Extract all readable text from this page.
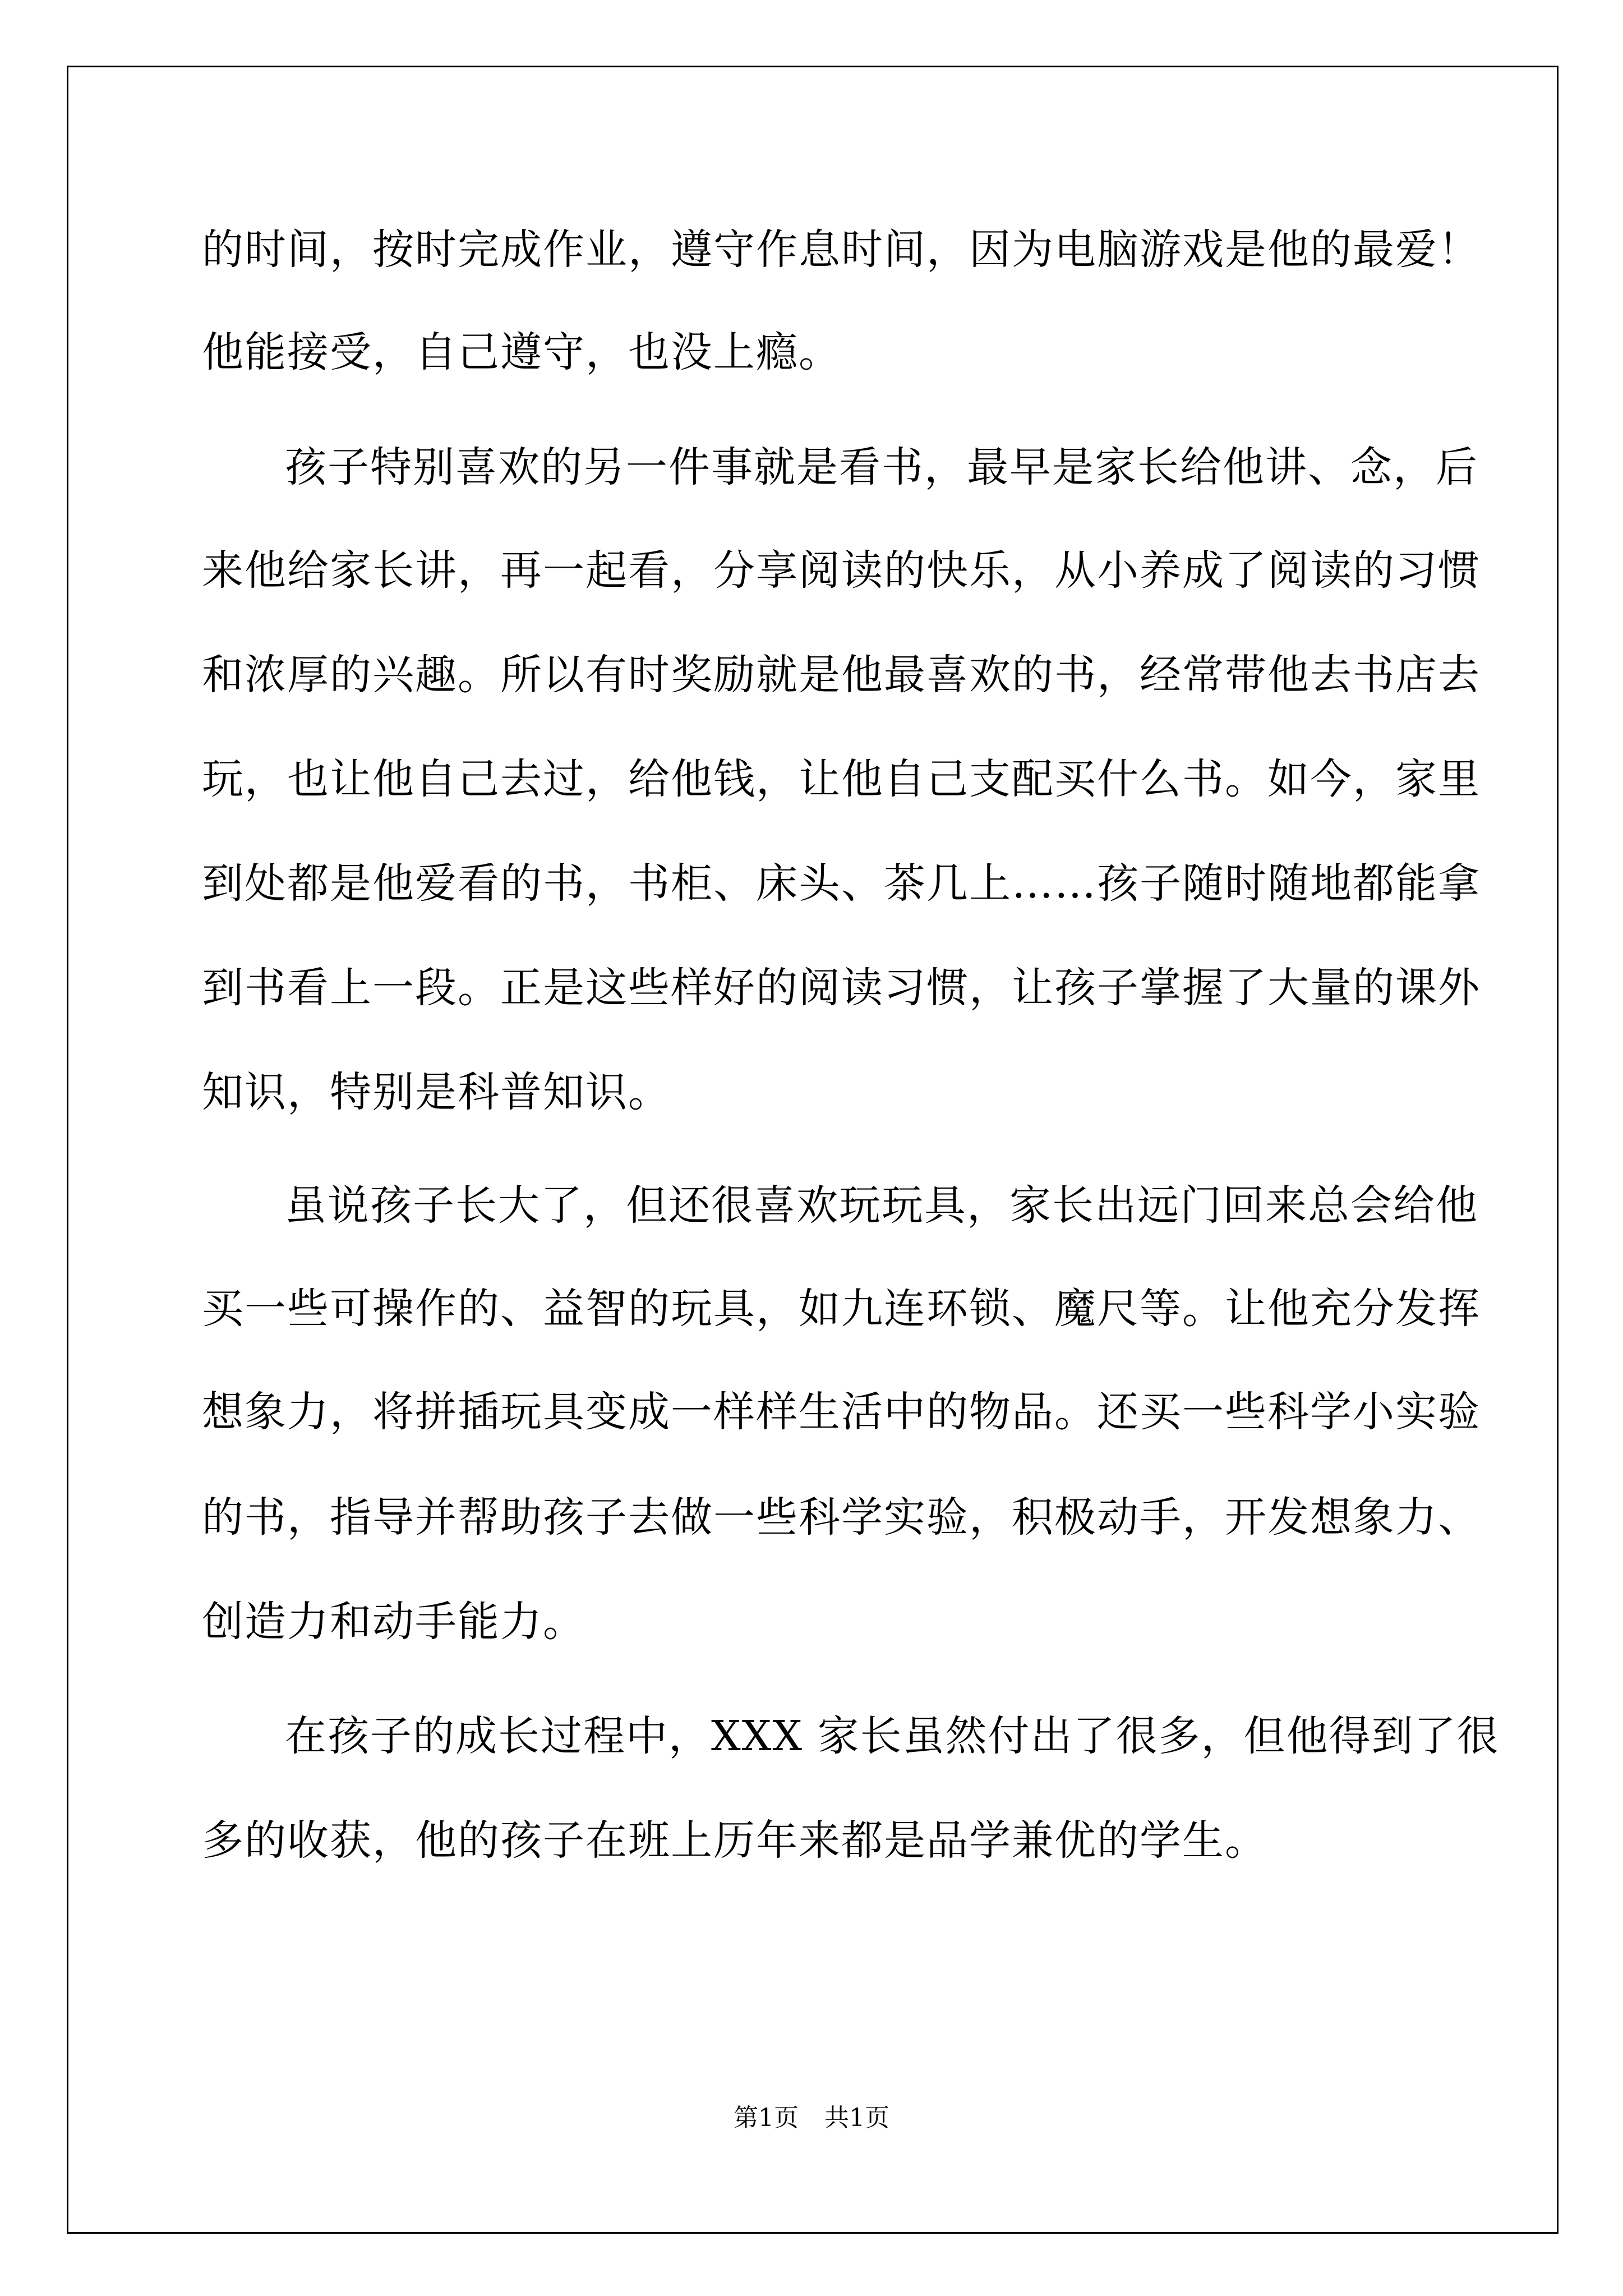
的时间，按时完成作业，遵守作息时间，因为电脑游戏是他的最爱！
他能接受，自己遵守，也没上瘾。
孩子特别喜欢的另一件事就是看书，最早是家长给他讲、念，后
来他给家长讲，再一起看，分享阅读的快乐，从小养成了阅读的习惯
和浓厚的兴趣。所以有时奖励就是他最喜欢的书，经常带他去书店去
玩，也让他自己去过，给他钱，让他自己支配买什么书。如今，家里
到处都是他爱看的书，书柜、床头、茶几上……孩子随时随地都能拿
到书看上一段。正是这些样好的阅读习惯，让孩子掌握了大量的课外
知识，特别是科普知识。
虽说孩子长大了，但还很喜欢玩玩具，家长出远门回来总会给他
买一些可操作的、益智的玩具，如九连环锁、魔尺等。让他充分发挥
想象力，将拼插玩具变成一样样生活中的物品。还买一些科学小实验
的书，指导并帮助孩子去做一些科学实验，积极动手，开发想象力、
创造力和动手能力。
在孩子的成长过程中，XXX 家长虽然付出了很多，但他得到了很
多的收获，他的孩子在班上历年来都是品学兼优的学生。
第1页 共1页
